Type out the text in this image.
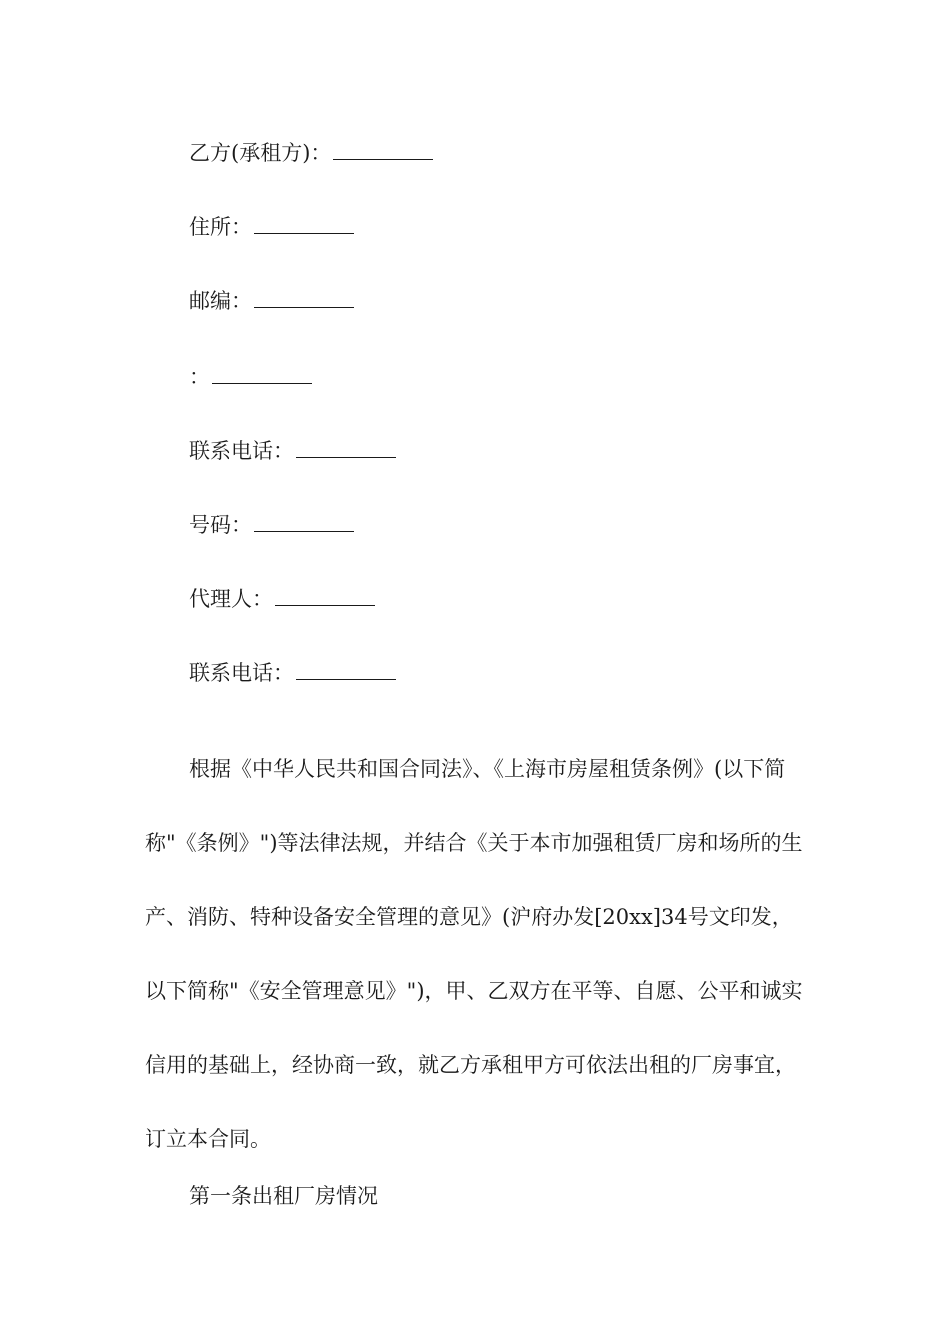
乙方(承租方)：
住所：
邮编：
：
联系电话：
号码：
代理人：
联系电话：

根据《中华人民共和国合同法》、《上海市房屋租赁条例》(以下简称"《条例》")等法律法规，并结合《关于本市加强租赁厂房和场所的生产、消防、特种设备安全管理的意见》(沪府办发[20xx]34号文印发，以下简称"《安全管理意见》")，甲、乙双方在平等、自愿、公平和诚实信用的基础上，经协商一致，就乙方承租甲方可依法出租的厂房事宜，订立本合同。

第一条出租厂房情况
